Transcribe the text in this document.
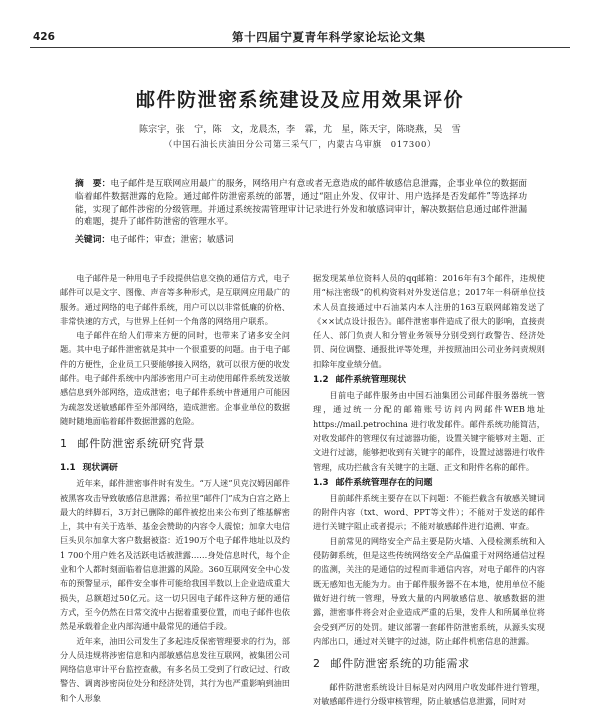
426	第十四届宁夏青年科学家论坛论文集
邮件防泄密系统建设及应用效果评价
陈宗宇，张　宁，陈　文，龙晨杰，李　霖，尤　星，陈天宇，陈晓燕，吴　雪
（中国石油长庆油田分公司第三采气厂，内蒙古乌审旗　017300）
摘　要：电子邮件是互联网应用最广的服务，网络用户有意或者无意造成的邮件敏感信息泄露，企事业单位的数据面临着邮件数据泄露的危险。通过邮件防泄密系统的部署，通过“阻止外发、仅审计、用户选择是否发邮件”等选择功能，实现了邮件涉密的分级管理。并通过系统按需管理审计记录进行外发和敏感词审计，解决数据信息通过邮件泄漏的难题，提升了邮件防泄密的管理水平。
关键词：电子邮件；审查；泄密；敏感词

电子邮件是一种用电子手段提供信息交换的通信方式，电子邮件可以是文字、图像、声音等多种形式，是互联网应用最广的服务。通过网络的电子邮件系统，用户可以以非常低廉的价格、非常快速的方式，与世界上任何一个角落的网络用户联系。

电子邮件在给人们带来方便的同时，也带来了诸多安全问题。其中电子邮件泄密就是其中一个很重要的问题。由于电子邮件的方便性，企业员工只要能够接入网络，就可以很方便的收发邮件。电子邮件系统中内部涉密用户可主动使用邮件系统发送敏感信息到外部网络，造成泄密；电子邮件系统中普通用户可能因为疏忽发送敏感邮件至外部网络，造成泄密。企事业单位的数据随时随地面临着邮件数据泄露的危险。

1 邮件防泄密系统研究背景
1.1 现状调研

近年来，邮件泄密事件时有发生。“万人迷”贝克汉姆因邮件被黑客攻击导致敏感信息泄露；希拉里“邮件门”成为白宫之路上最大的绊脚石，3万封已删除的邮件被挖出来公布到了维基解密上，其中有关于选举、基金会赞助的内容令人震惊；加拿大电信巨头贝尔加拿大客户数据被盗：近190万个电子邮件地址以及约1 700个用户姓名及活跃电话被泄露……身处信息时代，每个企业和个人都时刻面临着信息泄露的风险。360互联网安全中心发布的预警显示，邮件安全事件可能给我国半数以上企业造成重大损失，总额超过50亿元。这一切只因电子邮件这种方便的通信方式，至今仍然在日常交流中占据着重要位置，而电子邮件也依然是承载着企业内部沟通中最常见的通信手段。

近年来，油田公司发生了多起违反保密管理要求的行为，部分人员违规将涉密信息和内部敏感信息发往互联网，被集团公司网络信息审计平台监控查截，有多名员工受到了行政记过、行政警告、调离涉密岗位处分和经济处罚，其行为也严重影响到油田和个人形象

据发现某单位资料人员的qq邮箱：2016年有3个邮件，违规使用“标注密级”的机构资料对外发送信息；2017年一科研单位技术人员直接通过中石油某内本人注册的163互联网邮箱发送了《××试点设计报告》。邮件泄密事件造成了很大的影响，直接责任人、部门负责人和分管业务领导分别受到行政警告、经济处罚、岗位调整、通报批评等处理，并按照油田公司业务问责规则扣除年度业绩分值。

1.2 邮件系统管理现状

目前电子邮件服务由中国石油集团公司邮件服务器统一管理，通过统一分配的邮箱账号访问内网邮件WEB地址https://mail.petrochina 进行收发邮件。邮件系统功能简洁，对收发邮件的管理仅有过滤器功能，设置关键字能够对主题、正文进行过滤，能够把收到有关键字的邮件，设置过滤器进行收件管理，成功拦截含有关键字的主题、正文和附件名称的邮件。

1.3 邮件系统管理存在的问题

目前邮件系统主要存在以下问题：不能拦截含有敏感关键词的附件内容（txt、word、PPT等文件）；不能对于发送的邮件进行关键字阻止或者提示；不能对敏感邮件进行追溯、审查。

目前常见的网络安全产品主要是防火墙、入侵检测系统和入侵防御系统，但是这些传统网络安全产品偏重于对网络通信过程的监测，关注的是通信的过程而非通信内容，对电子邮件的内容既无感知也无能为力。由于邮件服务器不在本地，使用单位不能做好进行统一管理，导致大量的内网敏感信息、敏感数据的泄露，泄密事件将会对企业造成严重的后果，发件人和所属单位将会受到严厉的处罚。建议部署一套邮件防泄密系统，从源头实现内部出口，通过对关键字的过滤，防止邮件机密信息的泄露。

2 邮件防泄密系统的功能需求

邮件防泄密系统设计目标是对内网用户收发邮件进行管理，对敏感邮件进行分级审核管理，防止敏感信息泄露，同时对
